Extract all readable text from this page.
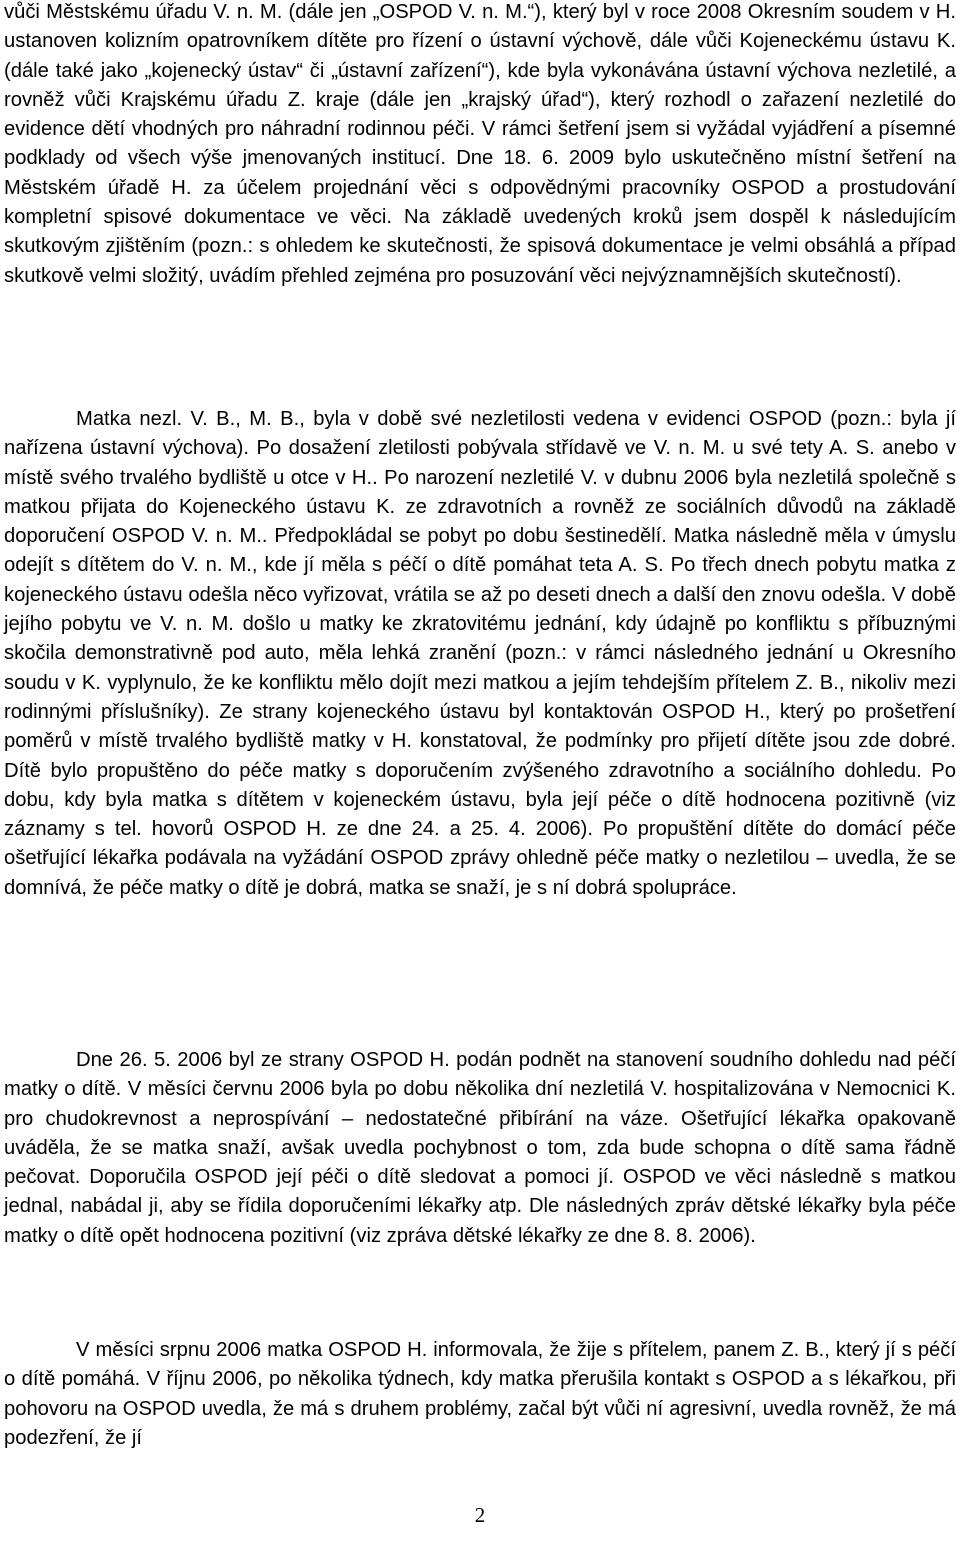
vůči Městskému úřadu V. n. M. (dále jen „OSPOD V. n. M.“), který byl v roce 2008 Okresním soudem v H. ustanoven kolizním opatrovníkem dítěte pro řízení o ústavní výchově, dále vůči Kojeneckému ústavu K. (dále také jako „kojenecký ústav“ či „ústavní zařízení“), kde byla vykonávána ústavní výchova nezletilé, a rovněž vůči Krajskému úřadu Z. kraje (dále jen „krajský úřad“), který rozhodl o zařazení nezletilé do evidence dětí vhodných pro náhradní rodinnou péči. V rámci šetření jsem si vyžádal vyjádření a písemné podklady od všech výše jmenovaných institucí. Dne 18. 6. 2009 bylo uskutečněno místní šetření na Městském úřadě H. za účelem projednání věci s odpovědnými pracovníky OSPOD a prostudování kompletní spisové dokumentace ve věci. Na základě uvedených kroků jsem dospěl k následujícím skutkovým zjištěním (pozn.: s ohledem ke skutečnosti, že spisová dokumentace je velmi obsáhlá a případ skutkově velmi složitý, uvádím přehled zejména pro posuzování věci nejvýznamnějších skutečností).

Matka nezl. V. B., M. B., byla v době své nezletilosti vedena v evidenci OSPOD (pozn.: byla jí nařízena ústavní výchova). Po dosažení zletilosti pobývala střídavě ve V. n. M. u své tety A. S. anebo v místě svého trvalého bydliště u otce v H.. Po narození nezletilé V. v dubnu 2006 byla nezletilá společně s matkou přijata do Kojeneckého ústavu K. ze zdravotních a rovněž ze sociálních důvodů na základě doporučení OSPOD V. n. M.. Předpokládal se pobyt po dobu šestinedělí. Matka následně měla v úmyslu odejít s dítětem do V. n. M., kde jí měla s péčí o dítě pomáhat teta A. S. Po třech dnech pobytu matka z kojeneckého ústavu odešla něco vyřizovat, vrátila se až po deseti dnech a další den znovu odešla. V době jejího pobytu ve V. n. M. došlo u matky ke zkratovitému jednání, kdy údajně po konfliktu s příbuznými skočila demonstrativně pod auto, měla lehká zranění (pozn.: v rámci následného jednání u Okresního soudu v K. vyplynulo, že ke konfliktu mělo dojít mezi matkou a jejím tehdejším přítelem Z. B., nikoliv mezi rodinnými příslušníky). Ze strany kojeneckého ústavu byl kontaktován OSPOD H., který po prošetření poměrů v místě trvalého bydliště matky v H. konstatoval, že podmínky pro přijetí dítěte jsou zde dobré. Dítě bylo propuštěno do péče matky s doporučením zvýšeného zdravotního a sociálního dohledu. Po dobu, kdy byla matka s dítětem v kojeneckém ústavu, byla její péče o dítě hodnocena pozitivně (viz záznamy s tel. hovorů OSPOD H. ze dne 24. a 25. 4. 2006). Po propuštění dítěte do domácí péče ošetřující lékařka podávala na vyžádání OSPOD zprávy ohledně péče matky o nezletilou – uvedla, že se domnívá, že péče matky o dítě je dobrá, matka se snaží, je s ní dobrá spolupráce.

Dne 26. 5. 2006 byl ze strany OSPOD H. podán podnět na stanovení soudního dohledu nad péčí matky o dítě. V měsíci červnu 2006 byla po dobu několika dní nezletilá V. hospitalizována v Nemocnici K. pro chudokrevnost a neprospívání – nedostatečné přibírání na váze. Ošetřující lékařka opakovaně uváděla, že se matka snaží, avšak uvedla pochybnost o tom, zda bude schopna o dítě sama řádně pečovat. Doporučila OSPOD její péči o dítě sledovat a pomoci jí. OSPOD ve věci následně s matkou jednal, nabádal ji, aby se řídila doporučeními lékařky atp. Dle následných zpráv dětské lékařky byla péče matky o dítě opět hodnocena pozitivní (viz zpráva dětské lékařky ze dne 8. 8. 2006).

V měsíci srpnu 2006 matka OSPOD H. informovala, že žije s přítelem, panem Z. B., který jí s péčí o dítě pomáhá. V říjnu 2006, po několika týdnech, kdy matka přerušila kontakt s OSPOD a s lékařkou, při pohovoru na OSPOD uvedla, že má s druhem problémy, začal být vůči ní agresivní, uvedla rovněž, že má podezření, že jí

2
